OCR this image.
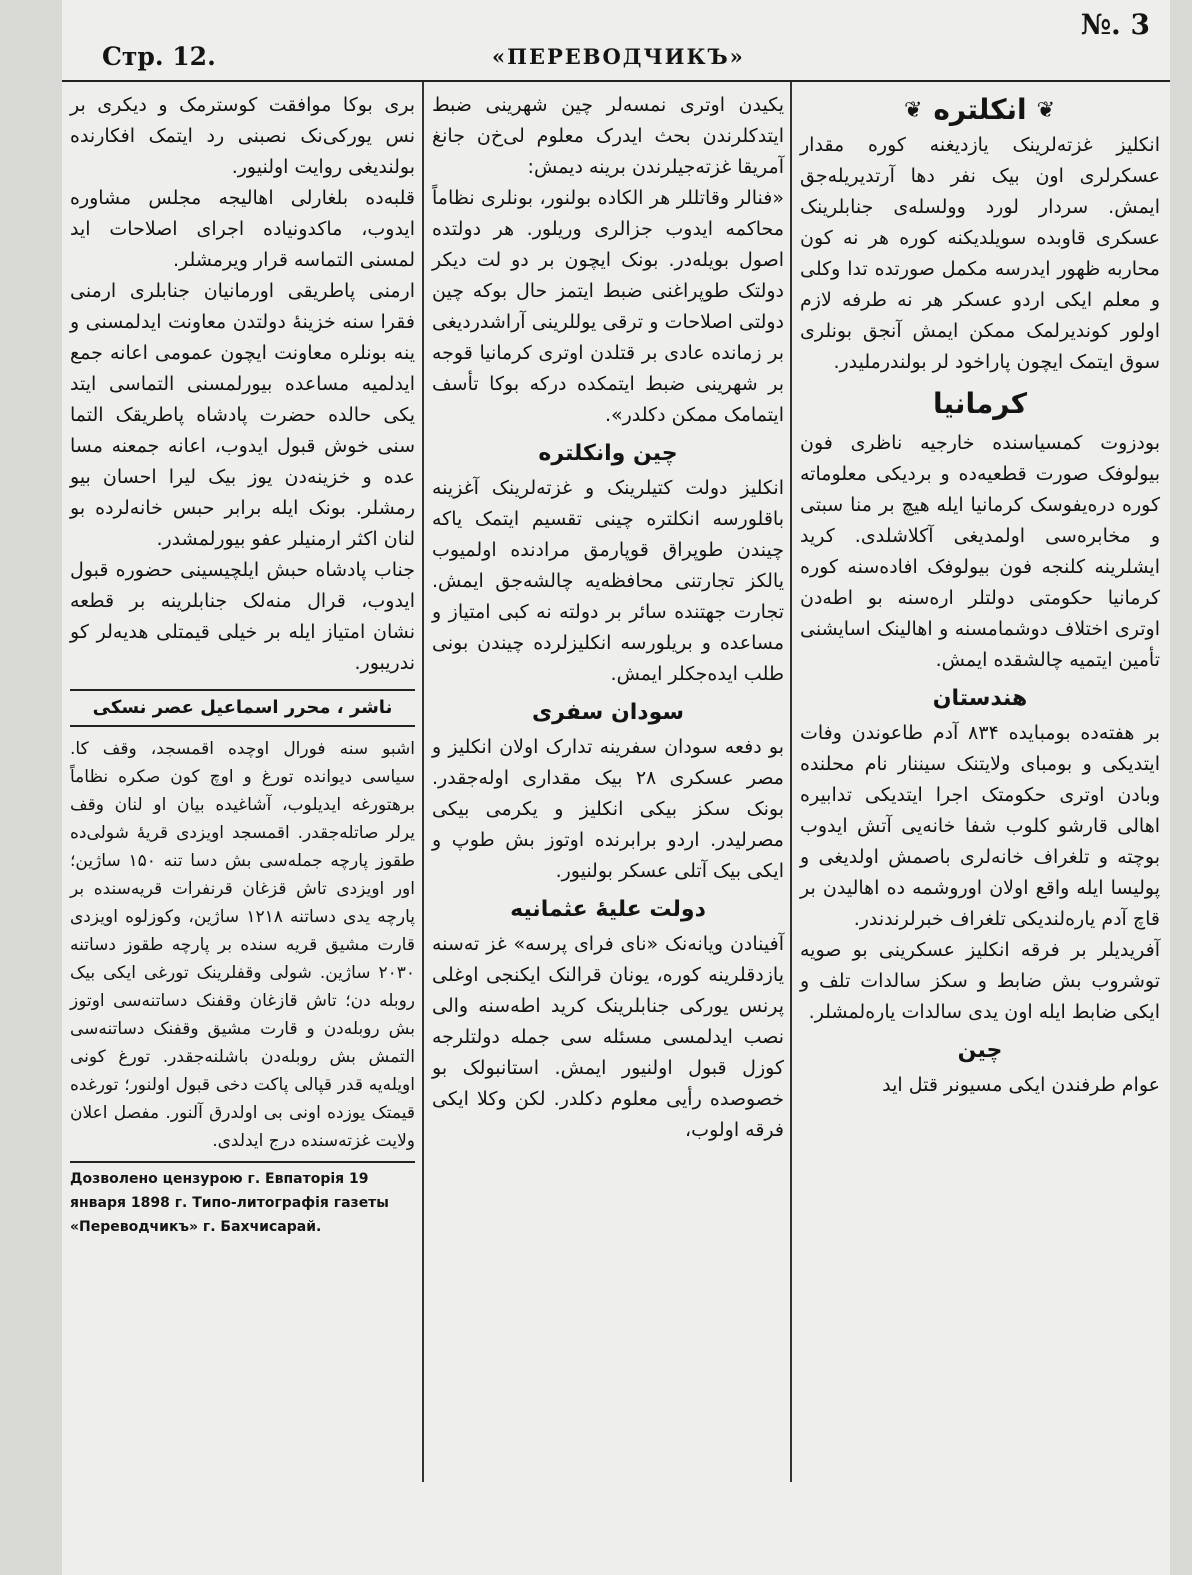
Стр. 12.	«ПЕРЕВОДЧИКЪ»
№. 3
❦
انکلتره
❦

انکلیز غزته‌لرینک یازدیغنه کوره مقدار عسکرلری اون بیک نفر دها آرتدیریله‌جق ایمش. سردار لورد وولسله‌ی جنابلرینک عسکری قاوبده سویلدیکنه کوره هر نه کون محاربه ظهور ایدرسه مکمل صورتده تدا وکلی و معلم ایکی اردو عسکر هر نه طرفه لازم اولور کوندیرلمک ممکن ایمش آنجق بونلری سوق ایتمک ایچون پاراخود لر بولندرملیدر.

کرمانیا

بودزوت کمسیاسنده خارجیه ناظری فون بیولوفک صورت قطعیه‌ده و بردیکی معلوماته کوره دره‌یفوسک کرمانیا ایله هیچ بر منا سبتی و مخابره‌سی اولمدیغی آکلاشلدی. کرید ایشلرینه کلنجه فون بیولوفک افاده‌سنه کوره کرمانیا حکومتی دولتلر اره‌سنه بو اطه‌دن اوتری اختلاف دوشمامسنه و اهالینک اسایشنی تأمین ایتمیه چالشقده ایمش.

هندستان

بر هفته‌ده بومبایده ۸۳۴ آدم طاعوندن وفات ایتدیکی و بومبای ولایتنک سیننار نام محلنده وبادن اوتری حکومتک اجرا ایتدیکی تدابیره اهالی قارشو کلوب شفا خانه‌یی آتش ایدوب بوچته و تلغراف خانه‌لری باصمش اولدیغی و پولیسا ایله واقع اولان اوروشمه ده اهالیدن بر قاچ آدم یاره‌لندیکی تلغراف خبرلرندندر.

آفریدیلر بر فرقه انکلیز عسکرینی بو صویه توشروب بش ضابط و سکز سالدات تلف و ایکی ضابط ایله اون یدی سالدات یاره‌لمشلر.

چین

عوام طرفندن ایکی مسیونر قتل اید

یکیدن اوتری نمسه‌لر چین شهرینی ضبط ایتدکلرندن بحث ایدرک معلوم لی‌خ‌ن جانغ آمریقا غزته‌جیلرندن برینه دیمش:

«فنالر وقاتللر هر الکاده بولنور، بونلری نظاماً محاکمه ایدوب جزالری وریلور. هر دولتده اصول بویله‌در. بونک ایچون بر دو لت دیکر دولتک طوپراغنی ضبط ایتمز حال بوکه چین دولتی اصلاحات و ترقی یوللرینی آراشدردیغی بر زمانده عادی بر قتلدن اوتری کرمانیا قوجه بر شهرینی ضبط ایتمکده درکه بوکا تأسف ایتمامک ممکن دکلدر».

چین وانکلتره

انکلیز دولت کتیلرینک و غزته‌لرینک آغزینه باقلورسه انکلتره چینی تقسیم ایتمک یاکه چیندن طوپراق قوپارمق مرادنده اولمیوب یالکز تجارتنی محافظه‌یه چالشه‌جق ایمش. تجارت جهتنده سائر بر دولته نه کبی امتیاز و مساعده و بریلورسه انکلیزلرده چیندن بونی طلب ایده‌جکلر ایمش.

سودان سفری

بو دفعه سودان سفرینه تدارک اولان انکلیز و مصر عسکری ۲۸ بیک مقداری اوله‌جقدر. بونک سکز بیکی انکلیز و یکرمی بیکی مصرلیدر. اردو برابرنده اوتوز بش طوپ و ایکی بیک آتلی عسکر بولنیور.

دولت علیهٔ عثمانیه

آفینادن ویانه‌نک «نای فرای پرسه» غز ته‌سنه یازدقلرینه کوره، یونان قرالنک ایکنجی اوغلی پرنس یورکی جنابلرینک کرید اطه‌سنه والی نصب ایدلمسی مسئله سی جمله دولتلرجه کوزل قبول اولنیور ایمش. استانبولک بو خصوصده رأیی معلوم دکلدر. لکن وکلا ایکی فرقه اولوب،

بری بوکا موافقت کوسترمک و دیکری بر نس یورکی‌نک نصبنی رد ایتمک افکارنده بولندیغی روایت اولنیور.

قلبه‌ده بلغارلی اهالیجه مجلس مشاوره ایدوب، ماکدونیاده اجرای اصلاحات اید لمسنی التماسه قرار ویرمشلر.

ارمنی پاطریقی اورمانیان جنابلری ارمنی فقرا سنه خزینهٔ دولتدن معاونت ایدلمسنی و ینه بونلره معاونت ایچون عمومی اعانه جمع ایدلمیه مساعده بیورلمسنی التماسی ایتد یکی حالده حضرت پادشاه پاطریقک التما سنی خوش قبول ایدوب، اعانه جمعنه مسا عده و خزینه‌دن یوز بیک لیرا احسان بیو رمشلر. بونک ایله برابر حبس خانه‌لرده بو لنان اکثر ارمنیلر عفو بیورلمشدر.

جناب پادشاه حبش ایلچیسینی حضوره قبول ایدوب، قرال منه‌لک جنابلرینه بر قطعه نشان امتیاز ایله بر خیلی قیمتلی هدیه‌لر کو ندریبور.

ناشر ، محرر اسماعیل عصر نسکی

اشبو سنه فورال اوچده اقمسجد، وقف کا. سیاسی دیوانده تورغ و اوچ کون صکره نظاماً برهتورغه ایدیلوب، آشاغیده بیان او لنان وقف یرلر صاتله‌جقدر. اقمسجد اویزدی قریهٔ شولی‌ده طقوز پارچه جمله‌سی بش دسا تنه ۱۵۰ ساژین؛ اور اویزدی تاش قزغان قرنفرات قریه‌سنده بر پارچه یدی دساتنه ۱۲۱۸ ساژین، وکوزلوه اویزدی قارت مشیق قریه سنده بر پارچه طقوز دساتنه ۲۰۳۰ ساژین. شولی وقفلرینک تورغی ایکی بیک روبله دن؛ تاش قازغان وقفنک دساتنه‌سی اوتوز بش روبله‌دن و قارت مشیق وقفنک دساتنه‌سی التمش بش روبله‌دن باشلنه‌جقدر. تورغ کونی اویله‌یه قدر قپالی پاکت دخی قبول اولنور؛ تورغده قیمتک یوزده اونی بی اولدرق آلنور. مفصل اعلان ولایت غزته‌سنده درج ایدلدی.

Дозволено цензурою г. Евпаторія 19 января 1898 г. Типо-литографія газеты «Переводчикъ» г. Бахчисарай.
